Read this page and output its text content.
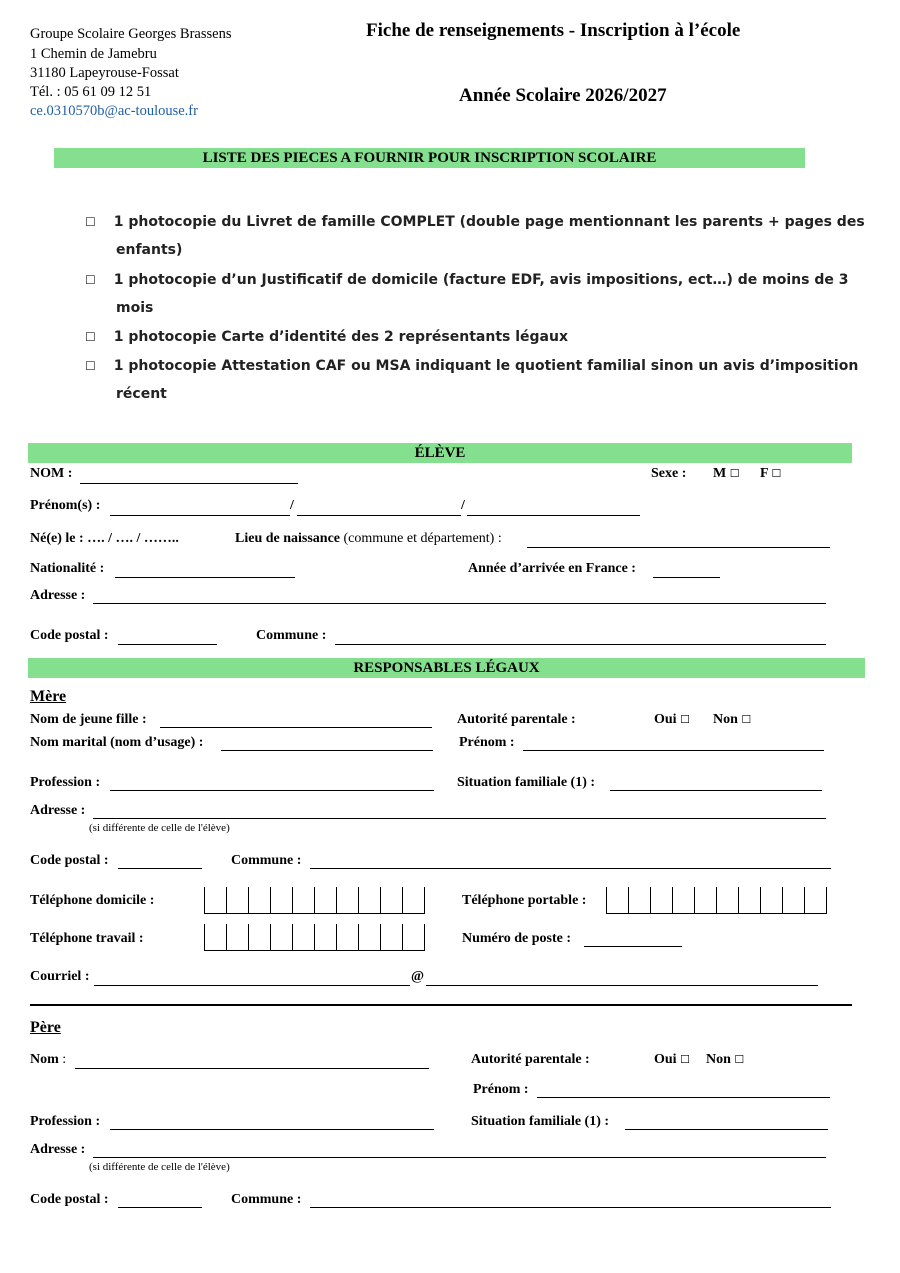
Groupe Scolaire Georges Brassens
1 Chemin de Jamebru
31180 Lapeyrouse-Fossat
Tél. : 05 61 09 12 51
ce.0310570b@ac-toulouse.fr
Fiche de renseignements - Inscription à l’école
Année Scolaire 2026/2027
LISTE DES PIECES A FOURNIR POUR INSCRIPTION SCOLAIRE
☐ 1 photocopie du Livret de famille COMPLET (double page mentionnant les parents + pages des
enfants)
☐ 1 photocopie d’un Justificatif de domicile (facture EDF, avis impositions, ect…) de moins de 3
mois
☐ 1 photocopie Carte d’identité des 2 représentants légaux
☐ 1 photocopie Attestation CAF ou MSA indiquant le quotient familial sinon un avis d’imposition
récent
ÉLÈVE
NOM :	Sexe : M ☐ F ☐
Prénom(s) :	/	/
Né(e) le : …. / …. / ……..	Lieu de naissance (commune et département) :
Nationalité :	Année d’arrivée en France :
Adresse :
Code postal :	Commune :
RESPONSABLES LÉGAUX
Mère
Nom de jeune fille :	Autorité parentale :	Oui ☐ Non ☐
Nom marital (nom d’usage) :	Prénom :
Profession :	Situation familiale (1) :
Adresse :
(si différente de celle de l'élève)
Code postal :	Commune :
Téléphone domicile :	Téléphone portable :
Téléphone travail :	Numéro de poste :
Courriel :	@
Père
Nom :	Autorité parentale :	Oui ☐ Non ☐
Prénom :
Profession :	Situation familiale (1) :
Adresse :
(si différente de celle de l'élève)
Code postal :	Commune :
